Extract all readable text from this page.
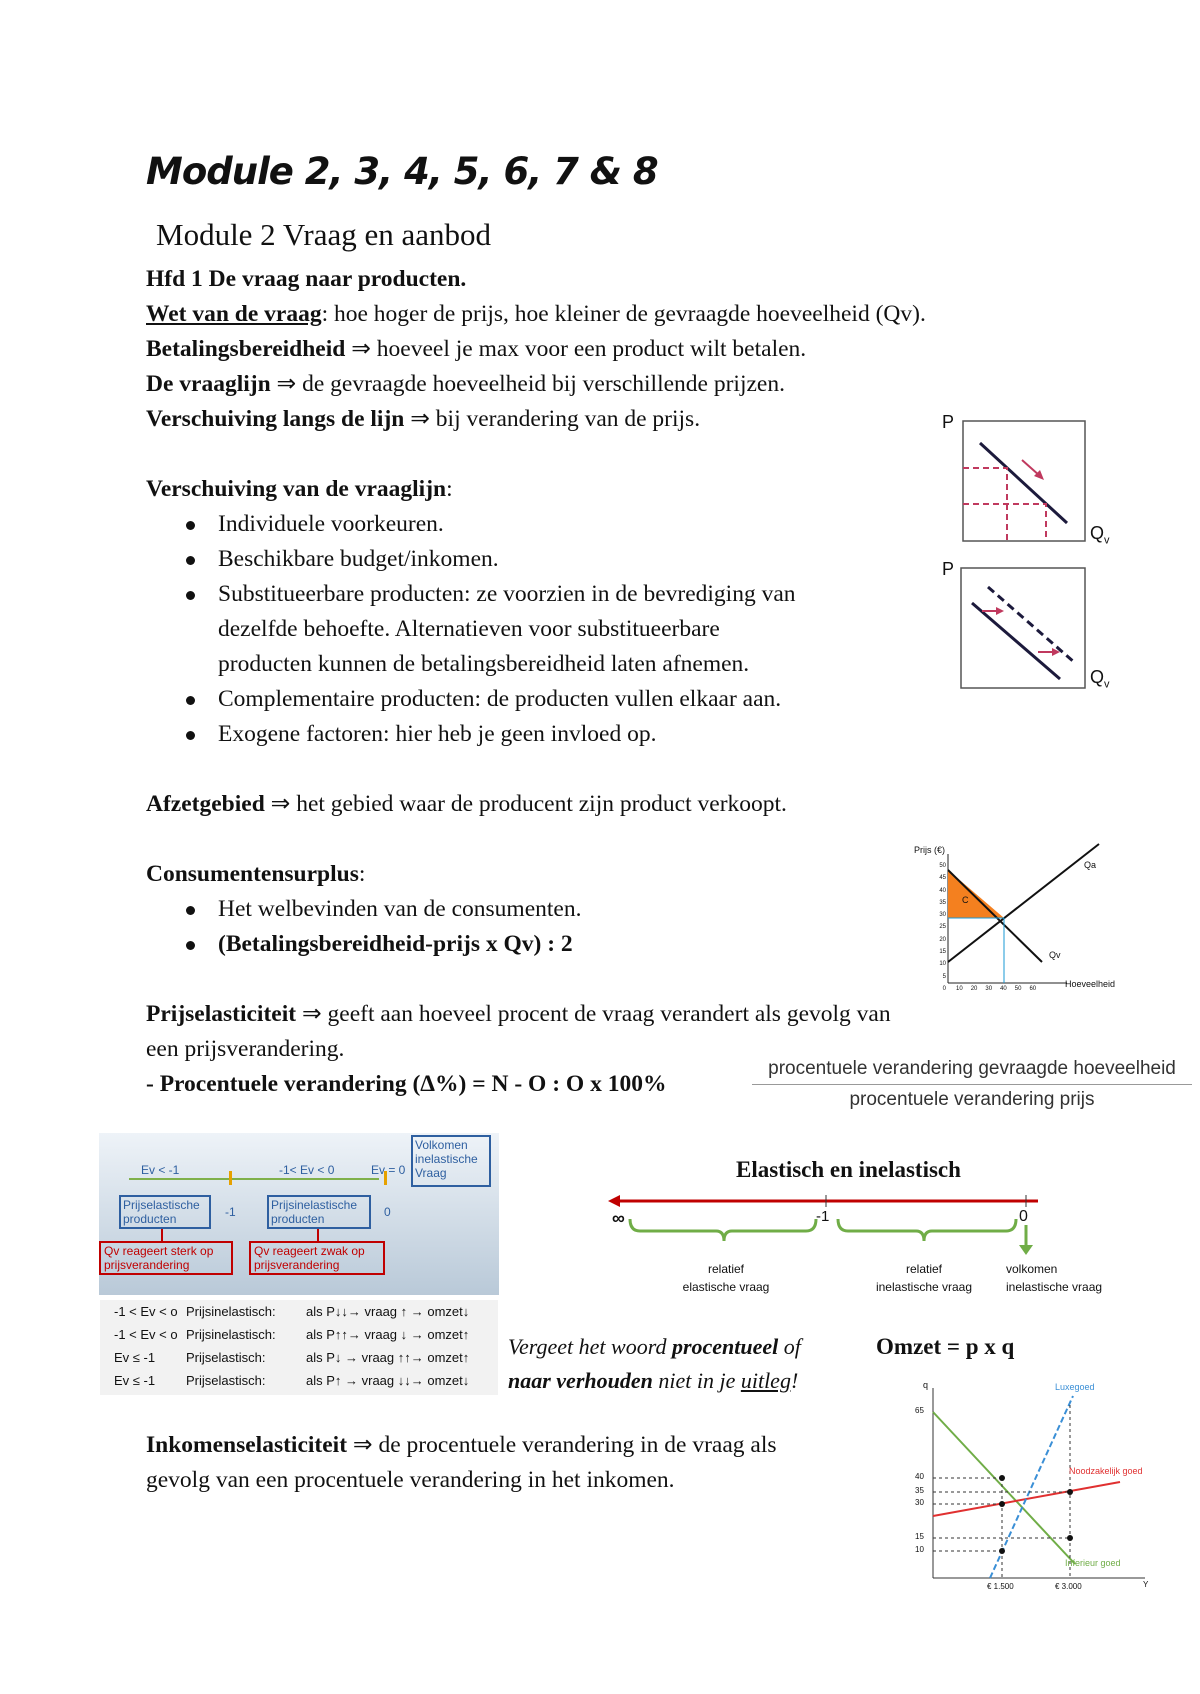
Module 2, 3, 4, 5, 6, 7 & 8
Module 2 Vraag en aanbod
Hfd 1 De vraag naar producten.
Wet van de vraag: hoe hoger de prijs, hoe kleiner de gevraagde hoeveelheid (Qv).
Betalingsbereidheid ⇒ hoeveel je max voor een product wilt betalen.
De vraaglijn ⇒ de gevraagde hoeveelheid bij verschillende prijzen.
Verschuiving langs de lijn ⇒ bij verandering van de prijs.
Verschuiving van de vraaglijn:
Individuele voorkeuren.
Beschikbare budget/inkomen.
Substitueerbare producten: ze voorzien in de bevrediging van
dezelfde behoefte. Alternatieven voor substitueerbare
producten kunnen de betalingsbereidheid laten afnemen.
Complementaire producten: de producten vullen elkaar aan.
Exogene factoren: hier heb je geen invloed op.
Afzetgebied ⇒ het gebied waar de producent zijn product verkoopt.
Consumentensurplus:
Het welbevinden van de consumenten.
(Betalingsbereidheid-prijs x Qv) : 2
Prijselasticiteit ⇒ geeft aan hoeveel procent de vraag verandert als gevolg van
een prijsverandering.
- Procentuele verandering (Δ%) = N - O : O x 100%
procentuele verandering gevraagde hoeveelheid
procentuele verandering prijs
P
$Q_v$
P
$Q_v$
Prijs (€)
Hoeveelheid
Qa
Qv
C
50
45
40
35
30
25
20
15
10
5
0 10 20 30 40 50 60
Ev < -1	-1< Ev < 0	Ev = 0
Volkomen inelastische Vraag
Prijselastische producten	-1	Prijsinelastische producten	0
Qv reageert sterk op prijsverandering
Qv reageert zwak op prijsverandering
-1 < Ev < o Prijsinelastisch:	als P↓↓→ vraag ↑ → omzet↓
-1 < Ev < o Prijsinelastisch:	als P↑↑→ vraag ↓ → omzet↑
Ev ≤ -1	Prijselastisch:	als P↓ → vraag ↑↑→ omzet↑
Ev ≤ -1	Prijselastisch:	als P↑ → vraag ↓↓→ omzet↓
Elastisch en inelastisch
∞	-1	0
relatief
elastische vraag
relatief
inelastische vraag
volkomen
inelastische vraag
Vergeet het woord procentueel of
naar verhouden niet in je uitleg!
Omzet = p x q
Inkomenselasticiteit ⇒ de procentuele verandering in de vraag als
gevolg van een procentuele verandering in het inkomen.
q	Luxegoed
Noodzakelijk goed
Inferieur goed
65
40
35
30
15
10
€ 1.500	€ 3.000	Y
